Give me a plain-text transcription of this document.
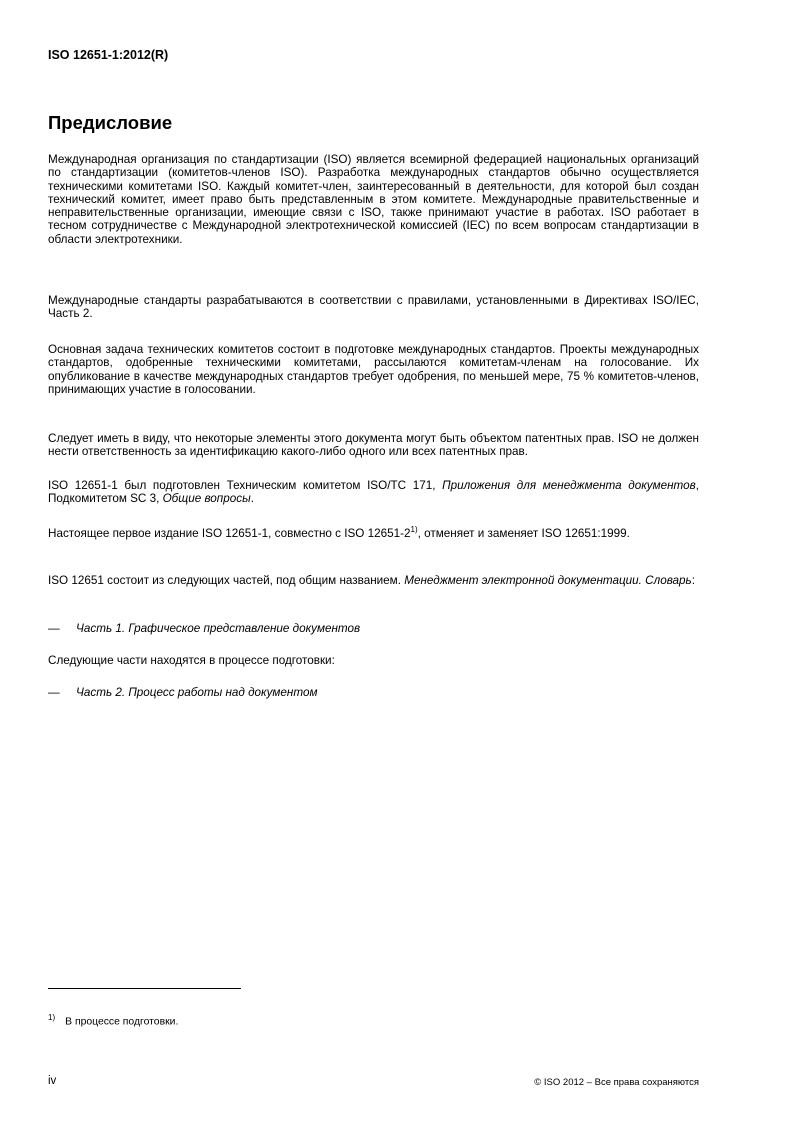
ISO 12651-1:2012(R)
Предисловие

Международная организация по стандартизации (ISO) является всемирной федерацией национальных организаций по стандартизации (комитетов-членов ISO). Разработка международных стандартов обычно осуществляется техническими комитетами ISO. Каждый комитет-член, заинтересованный в деятельности, для которой был создан технический комитет, имеет право быть представленным в этом комитете. Международные правительственные и неправительственные организации, имеющие связи с ISO, также принимают участие в работах. ISO работает в тесном сотрудничестве с Международной электротехнической комиссией (IEC) по всем вопросам стандартизации в области электротехники.

Международные стандарты разрабатываются в соответствии с правилами, установленными в Директивах ISO/IEC, Часть 2.

Основная задача технических комитетов состоит в подготовке международных стандартов. Проекты международных стандартов, одобренные техническими комитетами, рассылаются комитетам-членам на голосование. Их опубликование в качестве международных стандартов требует одобрения, по меньшей мере, 75 % комитетов-членов, принимающих участие в голосовании.

Следует иметь в виду, что некоторые элементы этого документа могут быть объектом патентных прав. ISO не должен нести ответственность за идентификацию какого-либо одного или всех патентных прав.

ISO 12651-1 был подготовлен Техническим комитетом ISO/TC 171, Приложения для менеджмента документов, Подкомитетом SC 3, Общие вопросы.

Настоящее первое издание ISO 12651-1, совместно с ISO 12651-2$^{1)}$, отменяет и заменяет ISO 12651:1999.

ISO 12651 состоит из следующих частей, под общим названием. Менеджмент электронной документации. Словарь:

— Часть 1. Графическое представление документов

Следующие части находятся в процессе подготовки:

— Часть 2. Процесс работы над документом
$^{1)}$ В процессе подготовки.
iv	© ISO 2012 – Все права сохраняются
